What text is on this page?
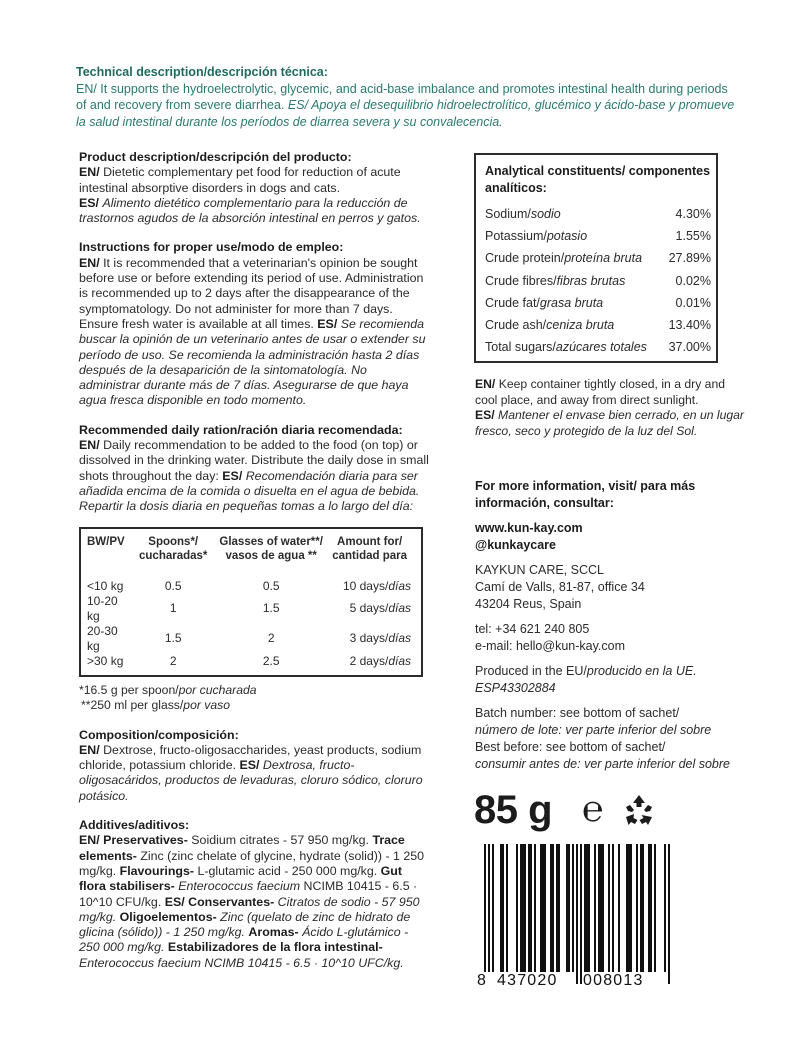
Technical description/descripción técnica:
EN/ It supports the hydroelectrolytic, glycemic, and acid-base imbalance and promotes intestinal health during periods of and recovery from severe diarrhea. ES/ Apoya el desequilibrio hidroelectrolítico, glucémico y ácido-base y promueve la salud intestinal durante los períodos de diarrea severa y su convalecencia.
Product description/descripción del producto:
EN/ Dietetic complementary pet food for reduction of acute intestinal absorptive disorders in dogs and cats.
ES/ Alimento dietético complementario para la reducción de trastornos agudos de la absorción intestinal en perros y gatos.
Instructions for proper use/modo de empleo:
EN/ It is recommended that a veterinarian's opinion be sought before use or before extending its period of use. Administration is recommended up to 2 days after the disappearance of the symptomatology. Do not administer for more than 7 days. Ensure fresh water is available at all times. ES/ Se recomienda buscar la opinión de un veterinario antes de usar o extender su período de uso. Se recomienda la administración hasta 2 días después de la desaparición de la sintomatología. No administrar durante más de 7 días. Asegurarse de que haya agua fresca disponible en todo momento.
Recommended daily ration/ración diaria recomendada:
EN/ Daily recommendation to be added to the food (on top) or dissolved in the drinking water. Distribute the daily dose in small shots throughout the day: ES/ Recomendación diaria para ser añadida encima de la comida o disuelta en el agua de bebida. Repartir la dosis diaria en pequeñas tomas a lo largo del día:
BW/PV	Spoons*/ cucharadas*	Glasses of water**/ vasos de agua **	Amount for/ cantidad para
<10 kg	0.5	0.5	10 days/días
10-20 kg	1	1.5	5 days/días
20-30 kg	1.5	2	3 days/días
>30 kg	2	2.5	2 days/días
*16.5 g per spoon/por cucharada
**250 ml per glass/por vaso
Composition/composición:
EN/ Dextrose, fructo-oligosaccharides, yeast products, sodium chloride, potassium chloride. ES/ Dextrosa, fructo-oligosacáridos, productos de levaduras, cloruro sódico, cloruro potásico.
Additives/aditivos:
EN/ Preservatives- Soidium citrates - 57 950 mg/kg. Trace elements- Zinc (zinc chelate of glycine, hydrate (solid)) - 1 250 mg/kg. Flavourings- L-glutamic acid - 250 000 mg/kg. Gut flora stabilisers- Enterococcus faecium NCIMB 10415 - 6.5 · 10^10 CFU/kg. ES/ Conservantes- Citratos de sodio - 57 950 mg/kg. Oligoelementos- Zinc (quelato de zinc de hidrato de glicina (sólido)) - 1 250 mg/kg. Aromas- Ácido L-glutámico - 250 000 mg/kg. Estabilizadores de la flora intestinal- Enterococcus faecium NCIMB 10415 - 6.5 · 10^10 UFC/kg.
Analytical constituents/ componentes analíticos:
Sodium/sodio	4.30%
Potassium/potasio	1.55%
Crude protein/proteína bruta 27.89%
Crude fibres/fibras brutas	0.02%
Crude fat/grasa bruta	0.01%
Crude ash/ceniza bruta	13.40%
Total sugars/azúcares totales 37.00%
EN/ Keep container tightly closed, in a dry and cool place, and away from direct sunlight.
ES/ Mantener el envase bien cerrado, en un lugar fresco, seco y protegido de la luz del Sol.
For more information, visit/ para más información, consultar:
www.kun-kay.com
@kunkaycare
KAYKUN CARE, SCCL
Camí de Valls, 81-87, office 34
43204 Reus, Spain
tel: +34 621 240 805
e-mail: hello@kun-kay.com
Produced in the EU/producido en la UE.
ESP43302884
Batch number: see bottom of sachet/
número de lote: ver parte inferior del sobre
Best before: see bottom of sachet/
consumir antes de: ver parte inferior del sobre
85 g ℮
8 437020 008013
